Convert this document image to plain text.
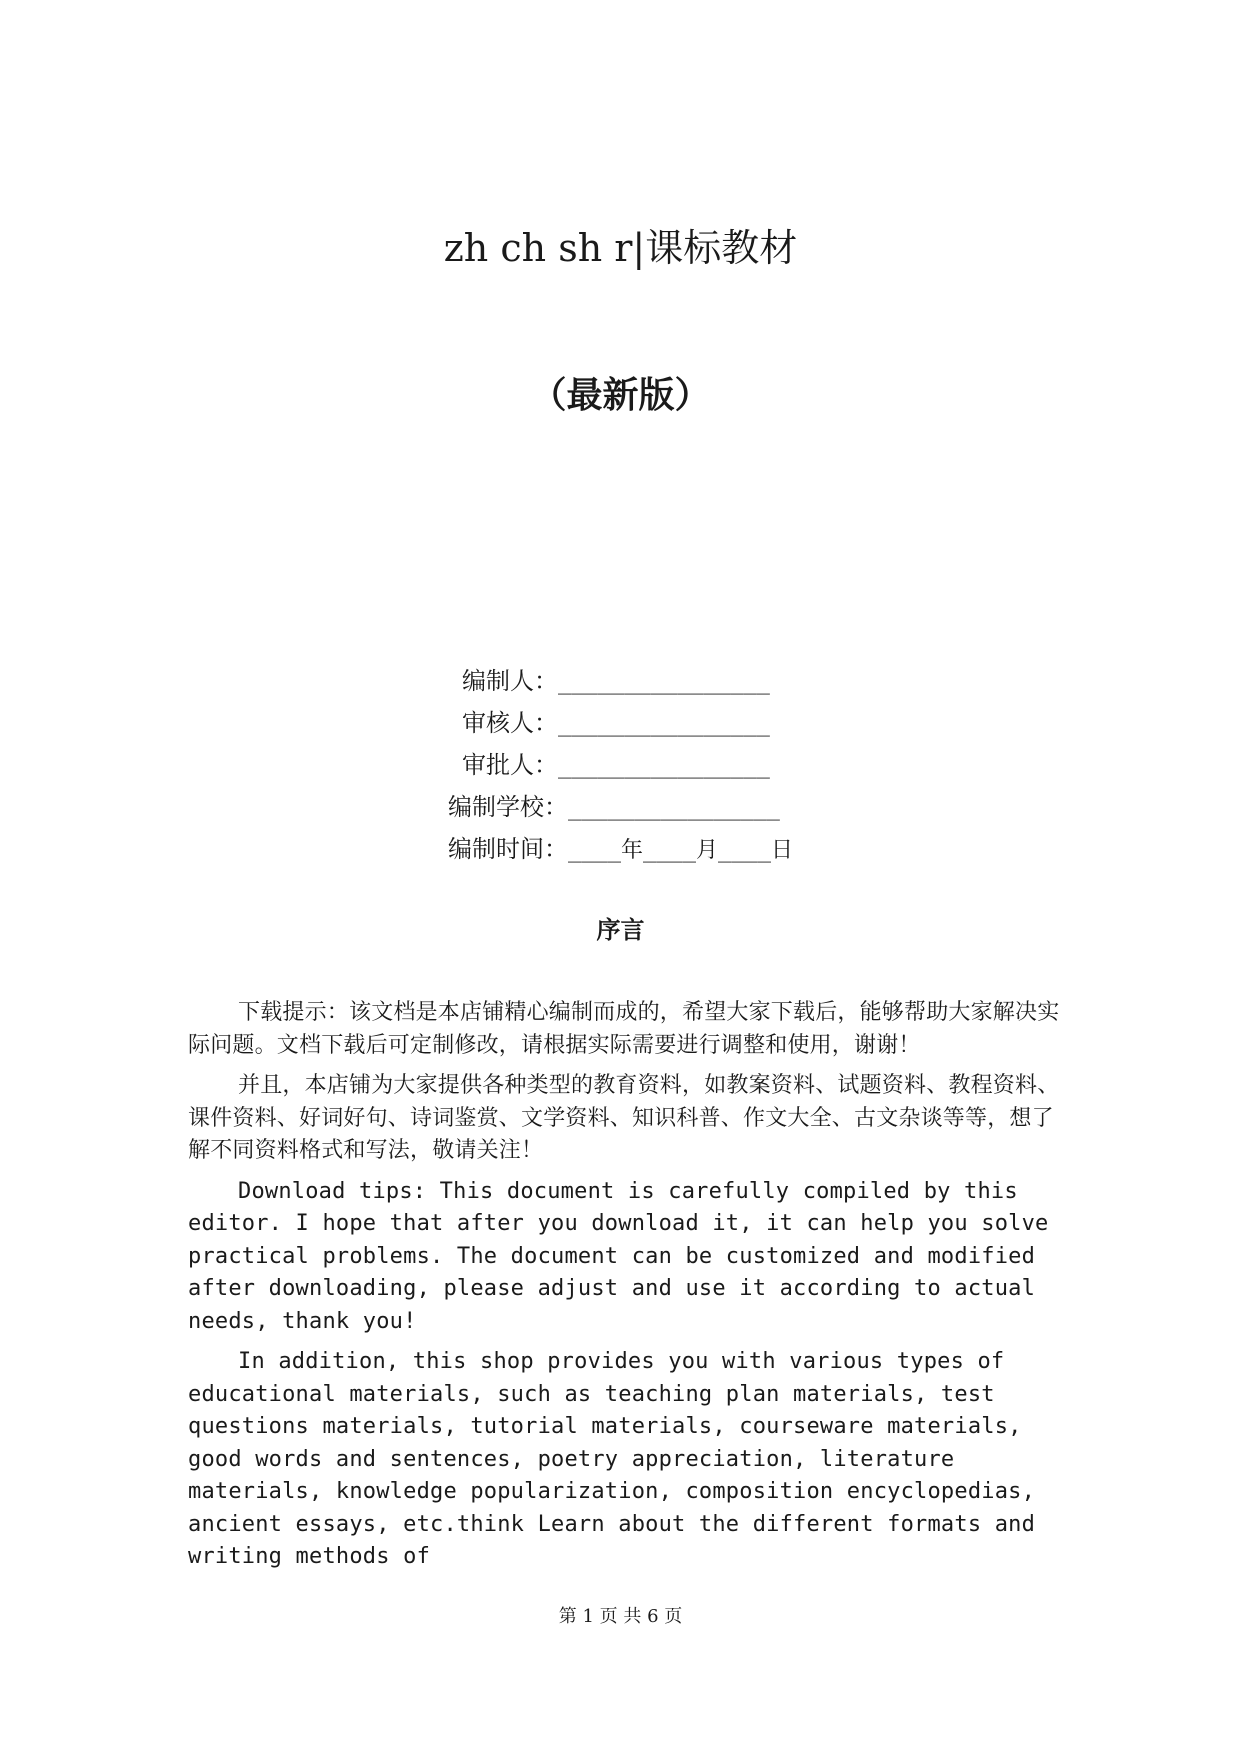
zh ch sh r|课标教材
（最新版）
编制人：________________
审核人：________________
审批人：________________
编制学校：________________
编制时间：____年____月____日
序言

下载提示：该文档是本店铺精心编制而成的，希望大家下载后，能够帮助大家解决实际问题。文档下载后可定制修改，请根据实际需要进行调整和使用，谢谢！

并且，本店铺为大家提供各种类型的教育资料，如教案资料、试题资料、教程资料、课件资料、好词好句、诗词鉴赏、文学资料、知识科普、作文大全、古文杂谈等等，想了解不同资料格式和写法，敬请关注！

Download tips: This document is carefully compiled by this editor. I hope that after you download it, it can help you solve practical problems. The document can be customized and modified after downloading, please adjust and use it according to actual needs, thank you!

In addition, this shop provides you with various types of educational materials, such as teaching plan materials, test questions materials, tutorial materials, courseware materials, good words and sentences, poetry appreciation, literature materials, knowledge popularization, composition encyclopedias, ancient essays, etc.think Learn about the different formats and writing methods of

第 1 页 共 6 页
